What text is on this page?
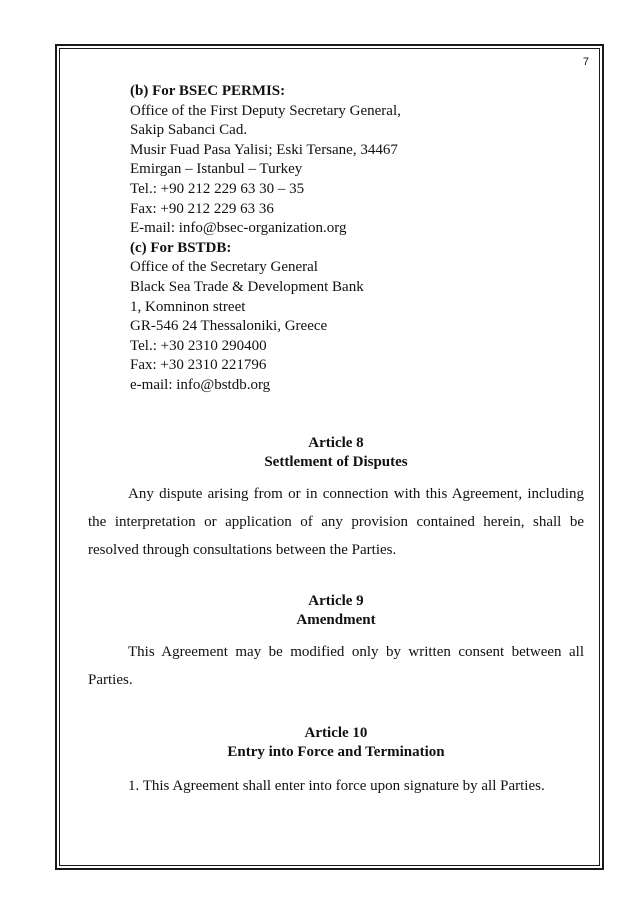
7
(b) For BSEC PERMIS:
Office of the First Deputy Secretary General,
Sakip Sabanci Cad.
Musir Fuad Pasa Yalisi; Eski Tersane, 34467
Emirgan – Istanbul – Turkey
Tel.: +90 212 229 63 30 – 35
Fax: +90 212 229 63 36
E-mail: info@bsec-organization.org
(c) For BSTDB:
Office of the Secretary General
Black Sea Trade & Development Bank
1, Komninon street
GR-546 24 Thessaloniki, Greece
Tel.: +30 2310 290400
Fax: +30 2310 221796
e-mail: info@bstdb.org
Article 8
Settlement of Disputes

Any dispute arising from or in connection with this Agreement, including the interpretation or application of any provision contained herein, shall be resolved through consultations between the Parties.

Article 9
Amendment

This Agreement may be modified only by written consent between all Parties.

Article 10
Entry into Force and Termination
1. This Agreement shall enter into force upon signature by all Parties.
